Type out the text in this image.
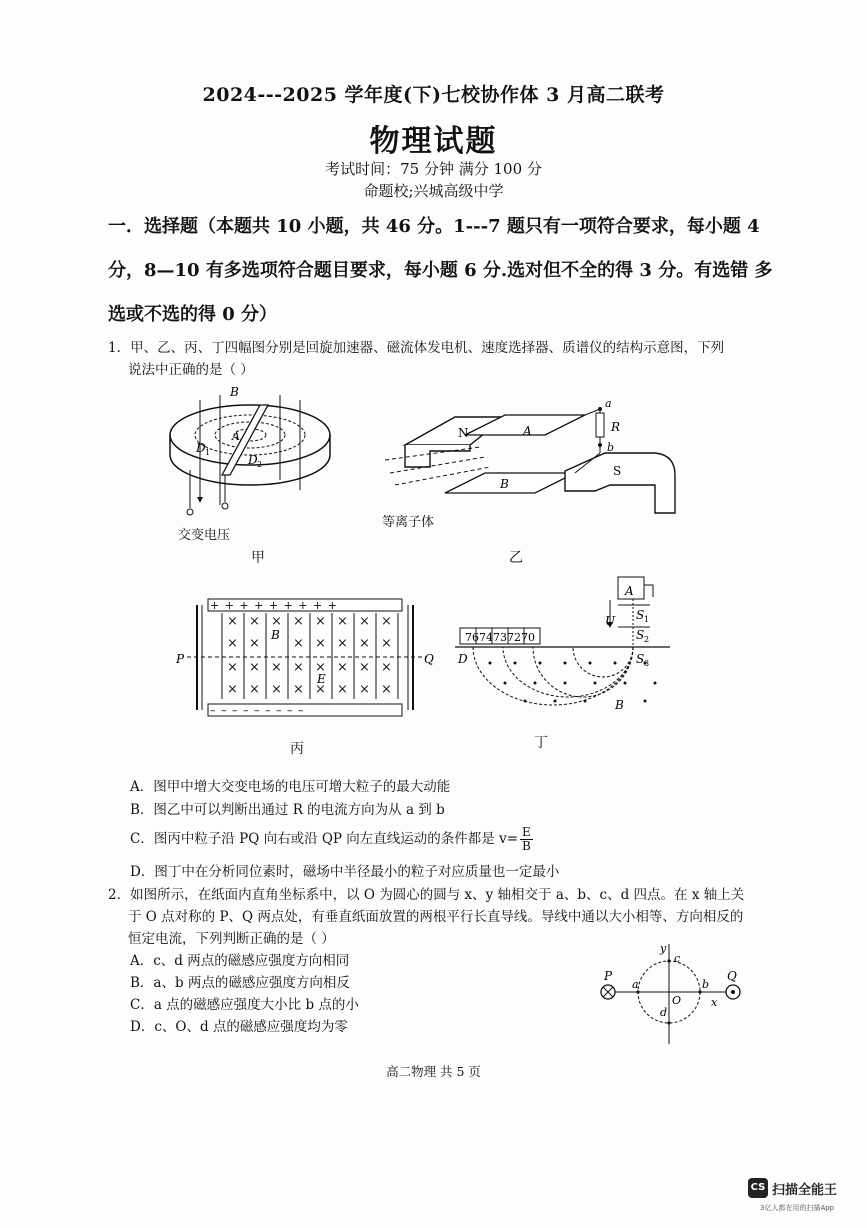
2024---2025 学年度(下)七校协作体 3 月高二联考
物理试题
考试时间：75 分钟 满分 100 分
命题校;兴城高级中学
一．选择题（本题共 10 小题，共 46 分。1---7 题只有一项符合要求，每小题 4
分，8—10 有多选项符合题目要求，每小题 6 分.选对但不全的得 3 分。有选错 多
选或不选的得 0 分）
1．甲、乙、丙、丁四幅图分别是回旋加速器、磁流体发电机、速度选择器、质谱仪的结构示意图，下列
说法中正确的是（ ）
B
A
D 1
D 2
交变电压
甲
N
S
A
B
a
b
R
等离子体
乙
× × × × × × × ×
× ×	× × × × ×
× × × × × × × ×
× × × × × × × ×
+ + + + + + + + +
– – – – – – – – –
B
E
P	Q
丙
7674737270
A
U S 1
S 2
S 3
D
B
丁
A．图甲中增大交变电场的电压可增大粒子的最大动能
B．图乙中可以判断出通过 R 的电流方向为从 a 到 b
C．图丙中粒子沿 PQ 向右或沿 QP 向左直线运动的条件都是 $v= \frac{E}{B}$
D．图丁中在分析同位素时，磁场中半径最小的粒子对应质量也一定最小
2．如图所示，在纸面内直角坐标系中，以 O 为圆心的圆与 x、y 轴相交于 a、b、c、d 四点。在 x 轴上关
于 O 点对称的 P、Q 两点处，有垂直纸面放置的两根平行长直导线。导线中通以大小相等、方向相反的
恒定电流，下列判断正确的是（ ）
A．c、d 两点的磁感应强度方向相同
B．a、b 两点的磁感应强度方向相反
C．a 点的磁感应强度大小比 b 点的小
D．c、O、d 点的磁感应强度均为零
P	Q
a	b
c
d
O	x
y
高二物理 共 5 页
CS 扫描全能王
3亿人都在用的扫描App
